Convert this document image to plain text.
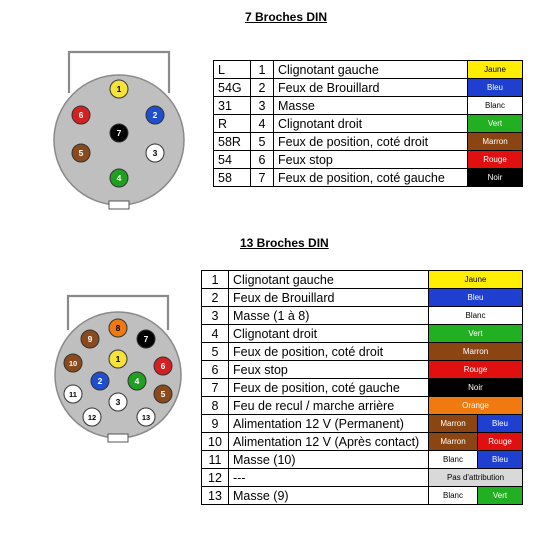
7 Broches DIN
1
2
3
4
5
6
7
1
2
3
4
5
6
7
8
9
10
11
12	13
L	1	Clignotant gauche	Jaune
54G	2	Feux de Brouillard	Bleu
31	3	Masse	Blanc
R	4	Clignotant droit	Vert
58R	5	Feux de position, coté droit	Marron
54	6	Feux stop	Rouge
58	7	Feux de position, coté gauche	Noir
13 Broches DIN
1	Clignotant gauche	Jaune	
2	Feux de Brouillard	Bleu	
3	Masse (1 à 8)	Blanc	
4	Clignotant droit	Vert	
5	Feux de position, coté droit	Marron	
6	Feux stop	Rouge	
7	Feux de position, coté gauche	Noir	
8	Feu de recul / marche arrière	Orange	
9	Alimentation 12 V (Permanent)	Marron	Bleu
10	Alimentation 12 V (Après contact)	Marron	Rouge
11	Masse (10)	Blanc	Bleu
12	---	Pas d'attribution	
13	Masse (9)	Blanc	Vert
